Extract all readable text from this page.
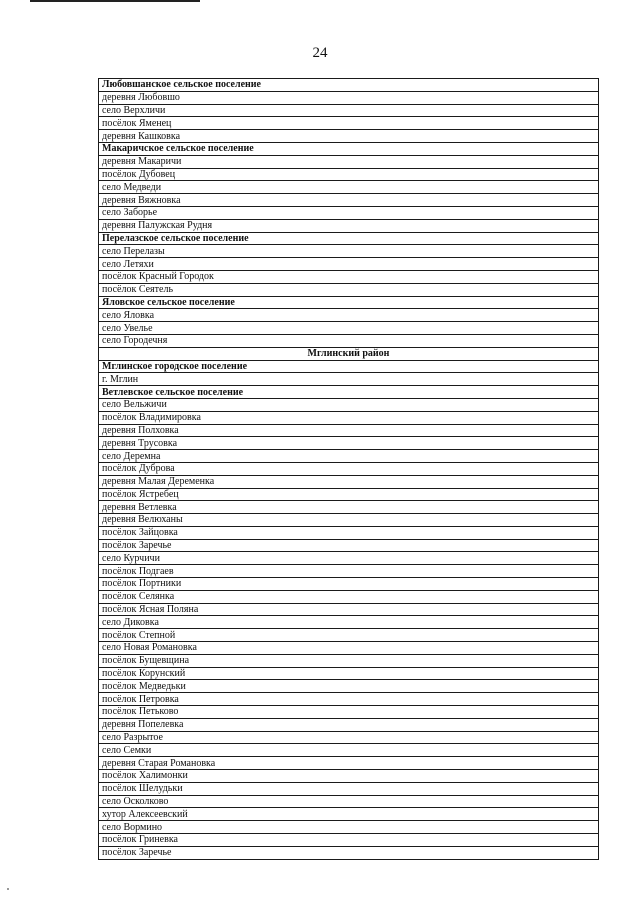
24
Любовшанское сельское поселение
деревня Любовшо
село Верхличи
посёлок Яменец
деревня Кашковка
Макаричское сельское поселение
деревня Макаричи
посёлок Дубовец
село Медведи
деревня Вяжновка
село Заборье
деревня Палужская Рудня
Перелазское сельское поселение
село Перелазы
село Летяхи
посёлок Красный Городок
посёлок Сеятель
Яловское сельское поселение
село Яловка
село Увелье
село Городечня
Мглинский район
Мглинское городское поселение
г. Мглин
Ветлевское сельское поселение
село Вельжичи
посёлок Владимировка
деревня Полховка
деревня Трусовка
село Деремна
посёлок Дуброва
деревня Малая Деременка
посёлок Ястребец
деревня Ветлевка
деревня Велюханы
посёлок Зайцовка
посёлок Заречье
село Курчичи
посёлок Подгаев
посёлок Портники
посёлок Селянка
посёлок Ясная Поляна
село Диковка
посёлок Степной
село Новая Романовка
посёлок Бущевщина
посёлок Корунский
посёлок Медведьки
посёлок Петровка
посёлок Петьково
деревня Попелевка
село Разрытое
село Семки
деревня Старая Романовка
посёлок Халимонки
посёлок Шелудьки
село Осколково
хутор Алексеевский
село Вормино
посёлок Гриневка
посёлок Заречье
